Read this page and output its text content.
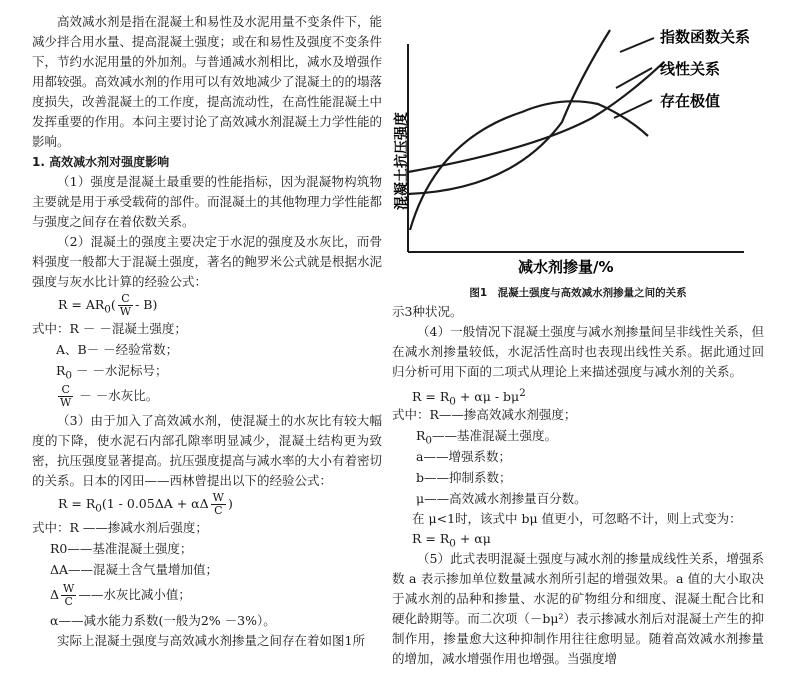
高效减水剂是指在混凝土和易性及水泥用量不变条件下，能减少拌合用水量、提高混凝土强度；或在和易性及强度不变条件下，节约水泥用量的外加剂。与普通减水剂相比，减水及增强作用都较强。高效减水剂的作用可以有效地减少了混凝土的的塌落度损失，改善混凝土的工作度，提高流动性，在高性能混凝土中发挥重要的作用。本问主要讨论了高效减水剂混凝土力学性能的影响。

1. 高效减水剂对强度影响

（1）强度是混凝土最重要的性能指标，因为混凝物构筑物主要就是用于承受载荷的部件。而混凝土的其他物理力学性能都与强度之间存在着依数关系。

（2）混凝土的强度主要决定于水泥的强度及水灰比，而骨料强度一般都大于混凝土强度，著名的鲍罗米公式就是根据水泥强度与灰水比计算的经验公式：

$R = AR_0( \frac{C}{W} - B)$
式中：R － －混凝土强度；
A、B－ －经验常数；
$R_0$ － －水泥标号；
$\frac{C}{W}$ － －水灰比。

（3）由于加入了高效减水剂，使混凝土的水灰比有较大幅度的下降，使水泥石内部孔隙率明显减少，混凝土结构更为致密，抗压强度显著提高。抗压强度提高与减水率的大小有着密切的关系。日本的冈田——西林曾提出以下的经验公式：

$R = R_0(1 - 0.05\Delta A + \alpha\Delta \frac{W}{C}$ )
式中：R ——掺减水剂后强度；
R0——基准混凝土强度；
ΔA——混凝土含气量增加值；
Δ $\frac{W}{C}$ ——水灰比减小值；
α——减水能力系数(一般为2% －3%）。

实际上混凝土强度与高效减水剂掺量之间存在着如图1所

指数函数关系
线性关系
存在极值
混凝土抗压强度
减水剂掺量/%
图1　混凝土强度与高效减水剂掺量之间的关系

示3种状况。

（4）一般情况下混凝土强度与减水剂掺量间呈非线性关系，但在减水剂掺量较低，水泥活性高时也表现出线性关系。据此通过回归分析可用下面的二项式从理论上来描述强度与减水剂的关系。

$R = R_0 + \alpha\mu - b\mu^2$
式中：R——掺高效减水剂强度；
$R_0——$基准混凝土强度。
a——增强系数；
b——抑制系数；
μ——高效减水剂掺量百分数。

在 μ<1时，该式中 bμ 值更小，可忽略不计，则上式变为：

$R = R_0 + \alpha\mu$

（5）此式表明混凝土强度与减水剂的掺量成线性关系，增强系数 a 表示掺加单位数量减水剂所引起的增强效果。a 值的大小取决于减水剂的品种和掺量、水泥的矿物组分和细度、混凝土配合比和硬化龄期等。而二次项（－bμ²）表示掺减水剂后对混凝土产生的抑制作用，掺量愈大这种抑制作用往往愈明显。随着高效减水剂掺量的增加，减水增强作用也增强。当强度增
